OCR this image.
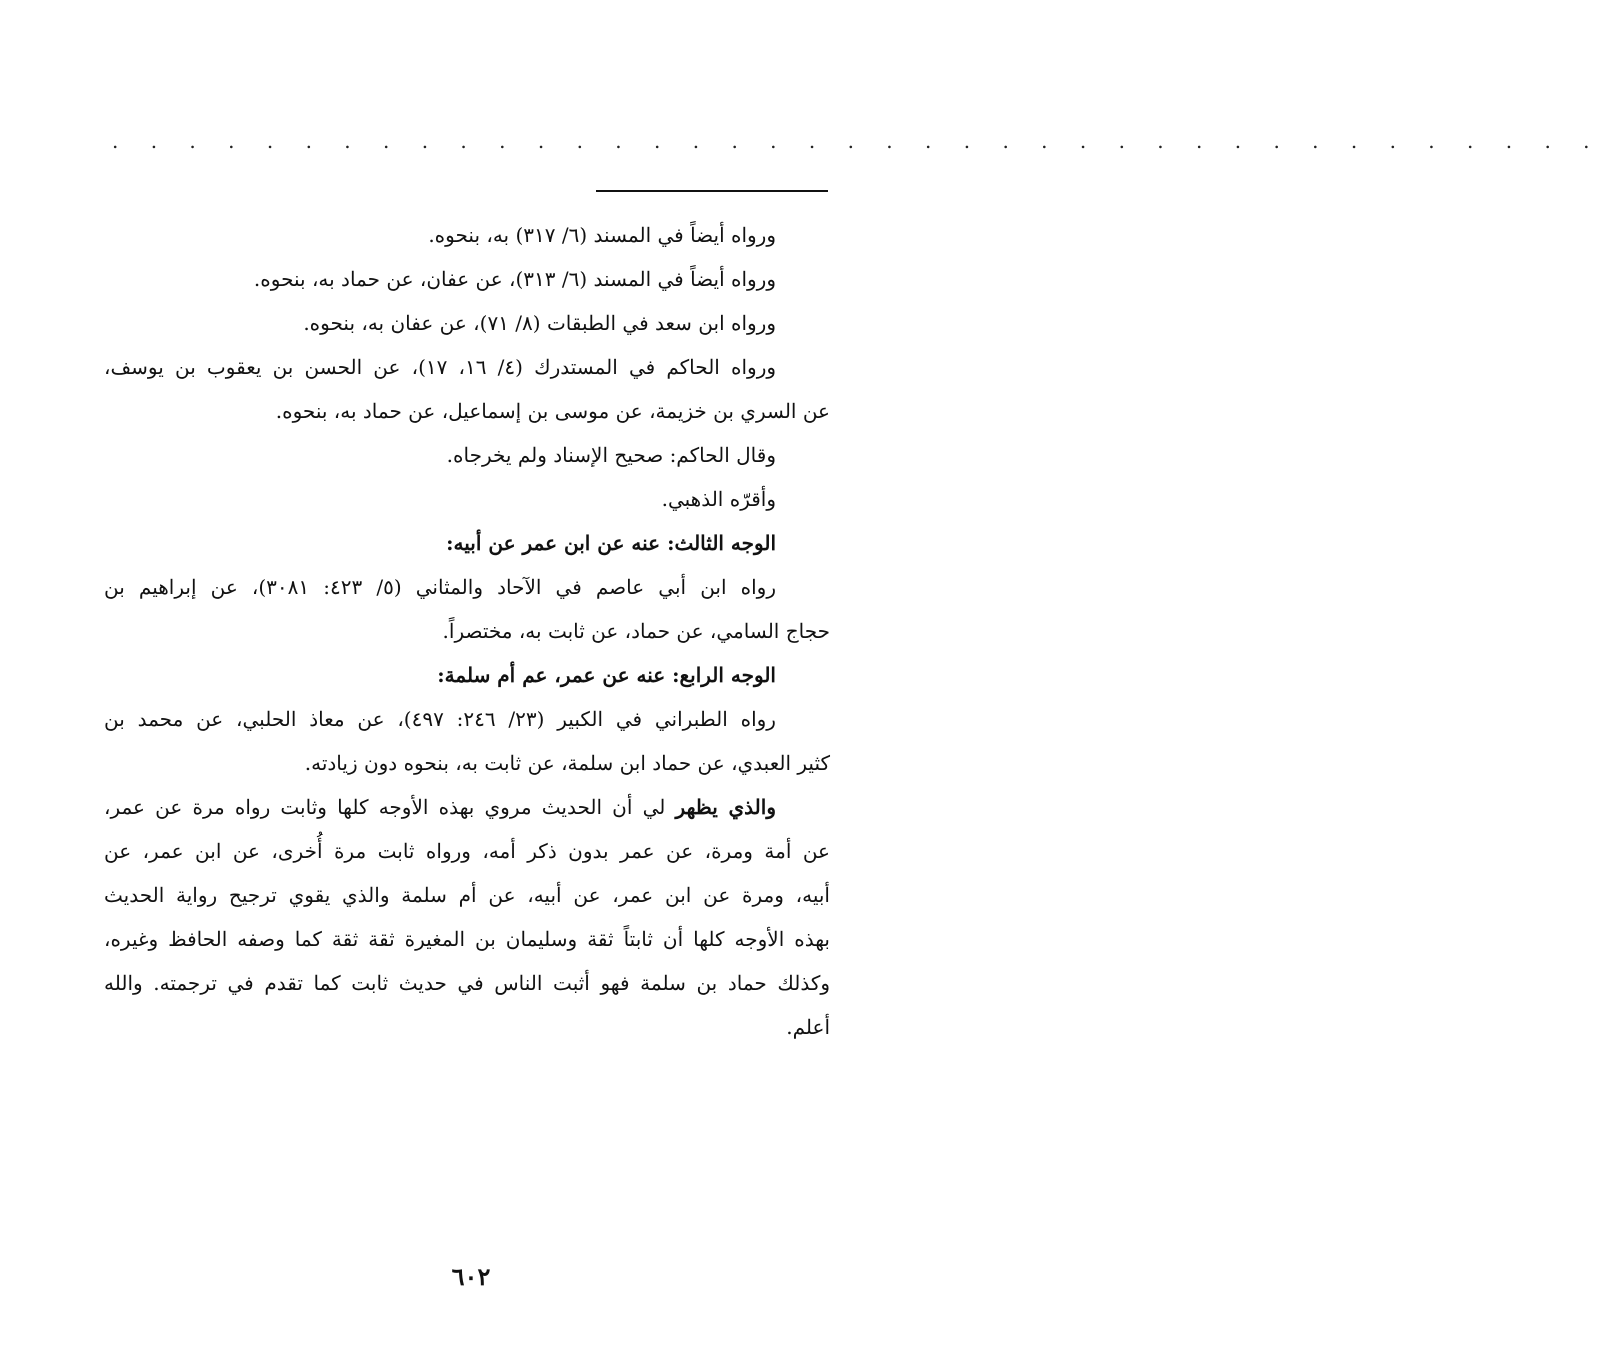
. . . . . . . . . . . . . . . . . . . . . . . . . . . . . . . . . . . . . . .
ورواه أيضاً في المسند (٦/ ٣١٧) به، بنحوه.
ورواه أيضاً في المسند (٦/ ٣١٣)، عن عفان، عن حماد به، بنحوه.
ورواه ابن سعد في الطبقات (٨/ ٧١)، عن عفان به، بنحوه.
ورواه الحاكم في المستدرك (٤/ ١٦، ١٧)، عن الحسن بن يعقوب بن يوسف،
عن السري بن خزيمة، عن موسى بن إسماعيل، عن حماد به، بنحوه.
وقال الحاكم: صحيح الإسناد ولم يخرجاه.
وأقرّه الذهبي.
الوجه الثالث: عنه عن ابن عمر عن أبيه:
رواه ابن أبي عاصم في الآحاد والمثاني (٥/ ٤٢٣: ٣٠٨١)، عن إبراهيم بن
حجاج السامي، عن حماد، عن ثابت به، مختصراً.
الوجه الرابع: عنه عن عمر، عم أم سلمة:
رواه الطبراني في الكبير (٢٣/ ٢٤٦: ٤٩٧)، عن معاذ الحلبي، عن محمد بن
كثير العبدي، عن حماد ابن سلمة، عن ثابت به، بنحوه دون زيادته.
والذي يظهر لي أن الحديث مروي بهذه الأوجه كلها وثابت رواه مرة عن عمر،
عن أمة ومرة، عن عمر بدون ذكر أمه، ورواه ثابت مرة أُخرى، عن ابن عمر، عن
أبيه، ومرة عن ابن عمر، عن أبيه، عن أم سلمة والذي يقوي ترجيح رواية الحديث
بهذه الأوجه كلها أن ثابتاً ثقة وسليمان بن المغيرة ثقة ثقة كما وصفه الحافظ وغيره،
وكذلك حماد بن سلمة فهو أثبت الناس في حديث ثابت كما تقدم في ترجمته. والله
أعلم.
٦٠٢
